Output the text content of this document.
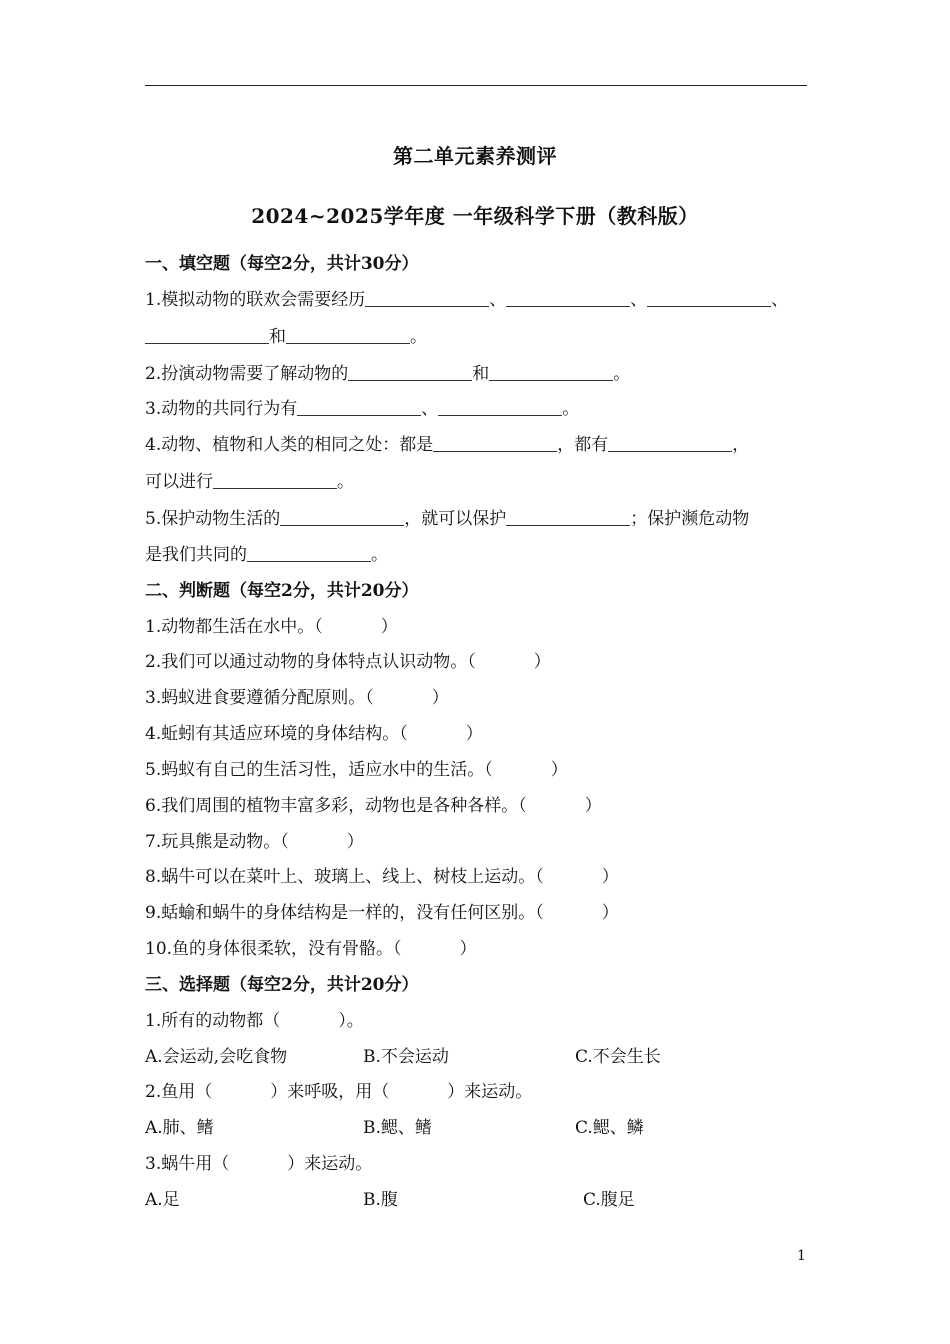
第二单元素养测评
2024~2025学年度 一年级科学下册（教科版）
一、填空题（每空2分，共计30分）
1.模拟动物的联欢会需要经历	、	、	、
和	。
2.扮演动物需要了解动物的	和	。
3.动物的共同行为有	、	。
4.动物、植物和人类的相同之处：都是	，都有	，
可以进行	。
5.保护动物生活的	，就可以保护	；保护濒危动物
是我们共同的	。
二、判断题（每空2分，共计20分）
1.动物都生活在水中。（	）
2.我们可以通过动物的身体特点认识动物。（	）
3.蚂蚁进食要遵循分配原则。（	）
4.蚯蚓有其适应环境的身体结构。（	）
5.蚂蚁有自己的生活习性，适应水中的生活。（	）
6.我们周围的植物丰富多彩，动物也是各种各样。（	）
7.玩具熊是动物。（	）
8.蜗牛可以在菜叶上、玻璃上、线上、树枝上运动。（	）
9.蛞蝓和蜗牛的身体结构是一样的，没有任何区别。（	）
10.鱼的身体很柔软，没有骨骼。（	）
三、选择题（每空2分，共计20分）
1.所有的动物都（	）。
A.会运动,会吃食物	B.不会运动	C.不会生长
2.鱼用（	）来呼吸，用（	）来运动。
A.肺、鳍	B.鳃、鳍	C.鳃、鳞
3.蜗牛用（	）来运动。
A.足	B.腹	C.腹足
1
